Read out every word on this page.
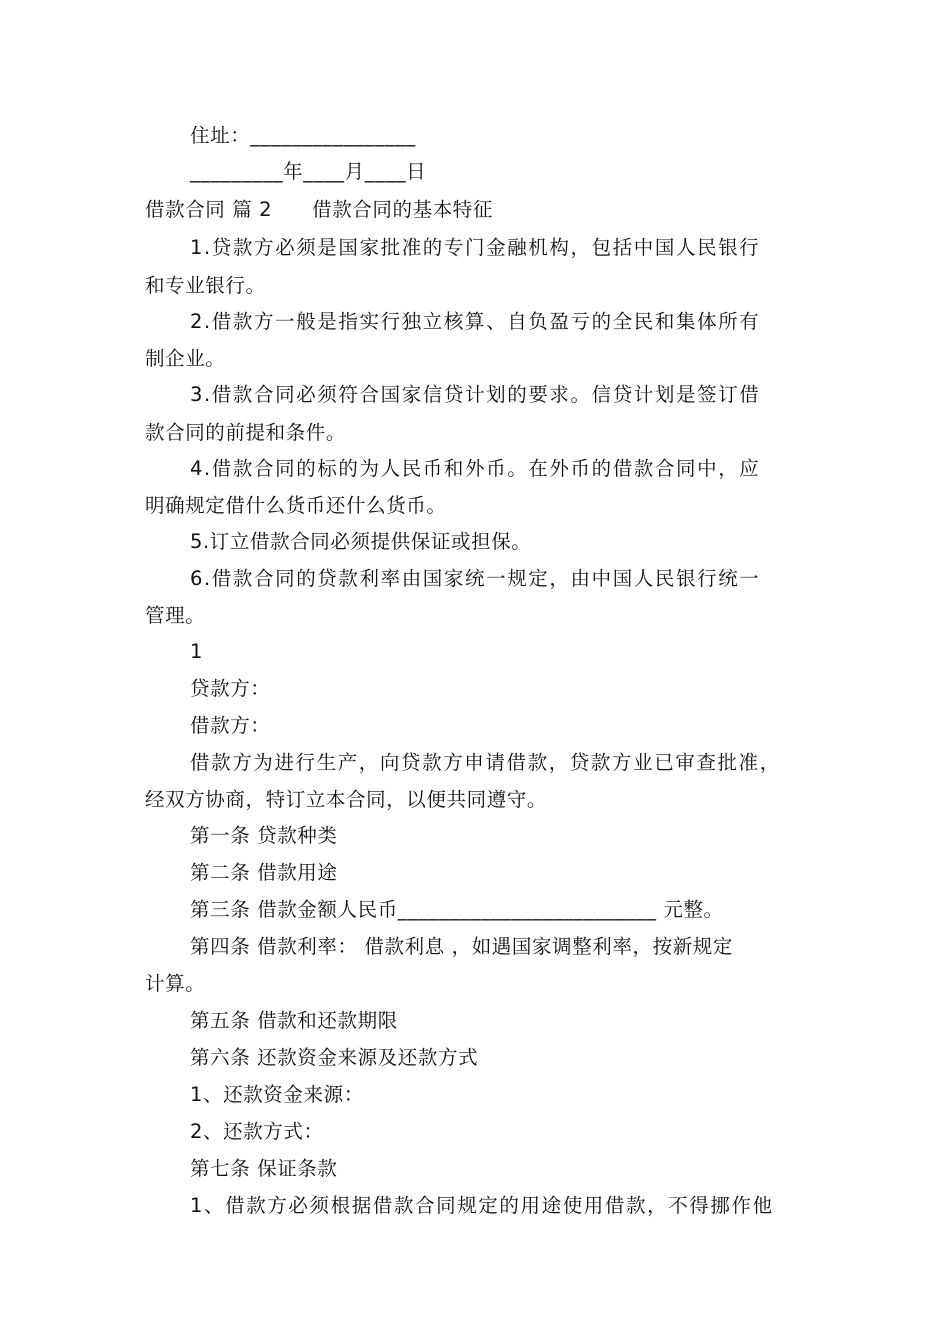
住址：________________
_________年____月____日
借款合同 篇 2 借款合同的基本特征
1.贷款方必须是国家批准的专门金融机构，包括中国人民银行
和专业银行。
2.借款方一般是指实行独立核算、自负盈亏的全民和集体所有
制企业。
3.借款合同必须符合国家信贷计划的要求。信贷计划是签订借
款合同的前提和条件。
4.借款合同的标的为人民币和外币。在外币的借款合同中，应
明确规定借什么货币还什么货币。
5.订立借款合同必须提供保证或担保。
6.借款合同的贷款利率由国家统一规定，由中国人民银行统一
管理。
1
贷款方：
借款方：
借款方为进行生产，向贷款方申请借款，贷款方业已审查批准，
经双方协商，特订立本合同，以便共同遵守。
第一条 贷款种类
第二条 借款用途
第三条 借款金额人民币_________________________ 元整。
第四条 借款利率： 借款利息 ，如遇国家调整利率，按新规定
计算。
第五条 借款和还款期限
第六条 还款资金来源及还款方式
1、还款资金来源：
2、还款方式：
第七条 保证条款
1、借款方必须根据借款合同规定的用途使用借款，不得挪作他
